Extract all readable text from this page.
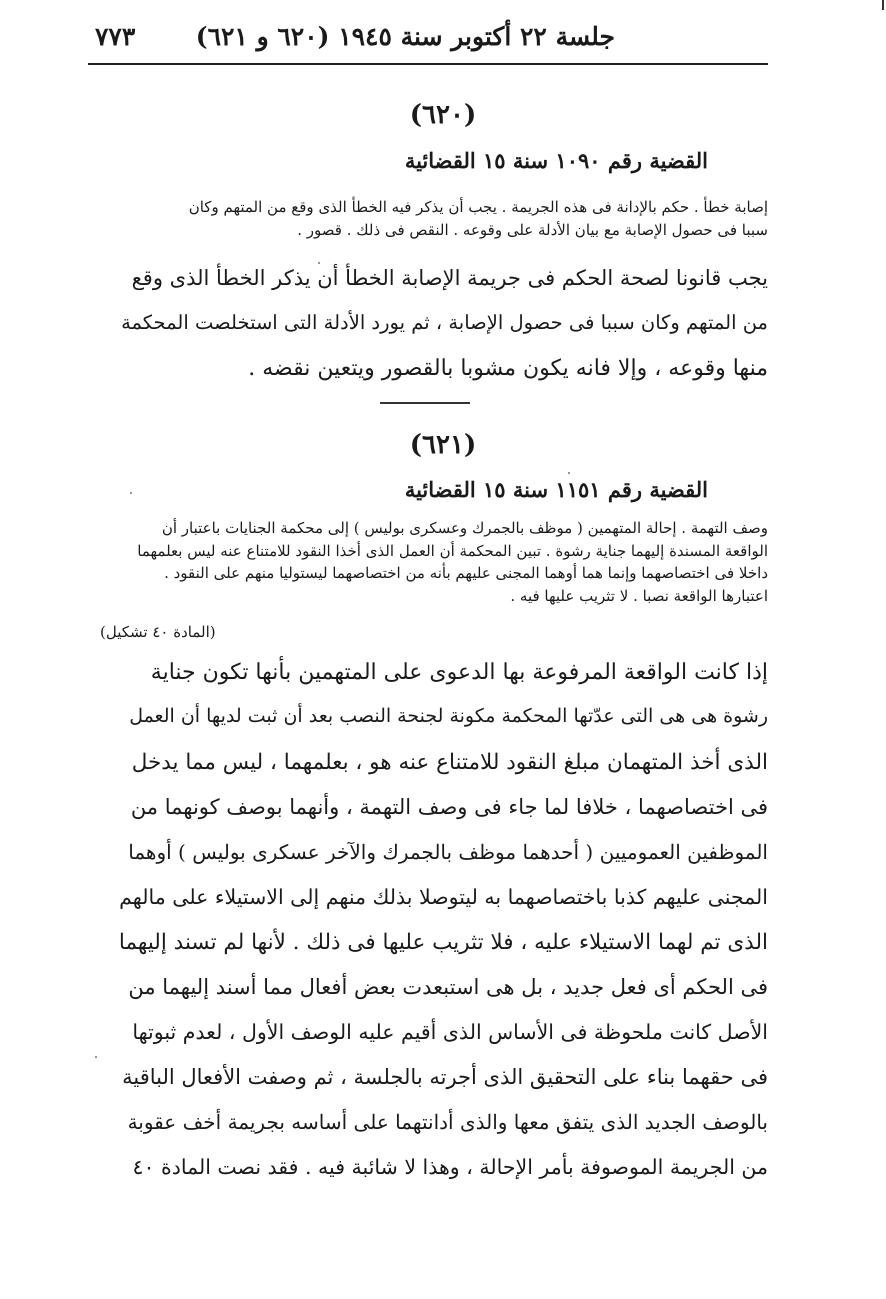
جلسة ٢٢ أكتوبر سنة ١٩٤٥ (٦٢٠ و ٦٢١)
٧٧٣
(٦٢٠)
القضية رقم ١٠٩٠ سنة ١٥ القضائية
إصابة خطأ . حكم بالإدانة فى هذه الجريمة . يجب أن يذكر فيه الخطأ الذى وقع من المتهم وكان
سببا فى حصول الإصابة مع بيان الأدلة على وقوعه . النقص فى ذلك . قصور .
يجب قانونا لصحة الحكم فى جريمة الإصابة الخطأ أن يذكر الخطأ الذى وقع
من المتهم وكان سببا فى حصول الإصابة ، ثم يورد الأدلة التى استخلصت المحكمة
منها وقوعه ، وإلا فانه يكون مشوبا بالقصور ويتعين نقضه .
(٦٢١)
القضية رقم ١١٥١ سنة ١٥ القضائية
وصف التهمة . إحالة المتهمين ( موظف بالجمرك وعسكرى بوليس ) إلى محكمة الجنايات باعتبار أن
الواقعة المسندة إليهما جناية رشوة . تبين المحكمة أن العمل الذى أخذا النقود للامتناع عنه ليس بعلمهما
داخلا فى اختصاصهما وإنما هما أوهما المجنى عليهم بأنه من اختصاصهما ليستوليا منهم على النقود .
اعتبارها الواقعة نصبا . لا تثريب عليها فيه .
(المادة ٤٠ تشكيل)
إذا كانت الواقعة المرفوعة بها الدعوى على المتهمين بأنها تكون جناية
رشوة هى هى التى عدّتها المحكمة مكونة لجنحة النصب بعد أن ثبت لديها أن العمل
الذى أخذ المتهمان مبلغ النقود للامتناع عنه هو ، بعلمهما ، ليس مما يدخل
فى اختصاصهما ، خلافا لما جاء فى وصف التهمة ، وأنهما بوصف كونهما من
الموظفين العموميين ( أحدهما موظف بالجمرك والآخر عسكرى بوليس ) أوهما
المجنى عليهم كذبا باختصاصهما به ليتوصلا بذلك منهم إلى الاستيلاء على مالهم
الذى تم لهما الاستيلاء عليه ، فلا تثريب عليها فى ذلك . لأنها لم تسند إليهما
فى الحكم أى فعل جديد ، بل هى استبعدت بعض أفعال مما أسند إليهما من
الأصل كانت ملحوظة فى الأساس الذى أقيم عليه الوصف الأول ، لعدم ثبوتها
فى حقهما بناء على التحقيق الذى أجرته بالجلسة ، ثم وصفت الأفعال الباقية
بالوصف الجديد الذى يتفق معها والذى أدانتهما على أساسه بجريمة أخف عقوبة
من الجريمة الموصوفة بأمر الإحالة ، وهذا لا شائبة فيه . فقد نصت المادة ٤٠
